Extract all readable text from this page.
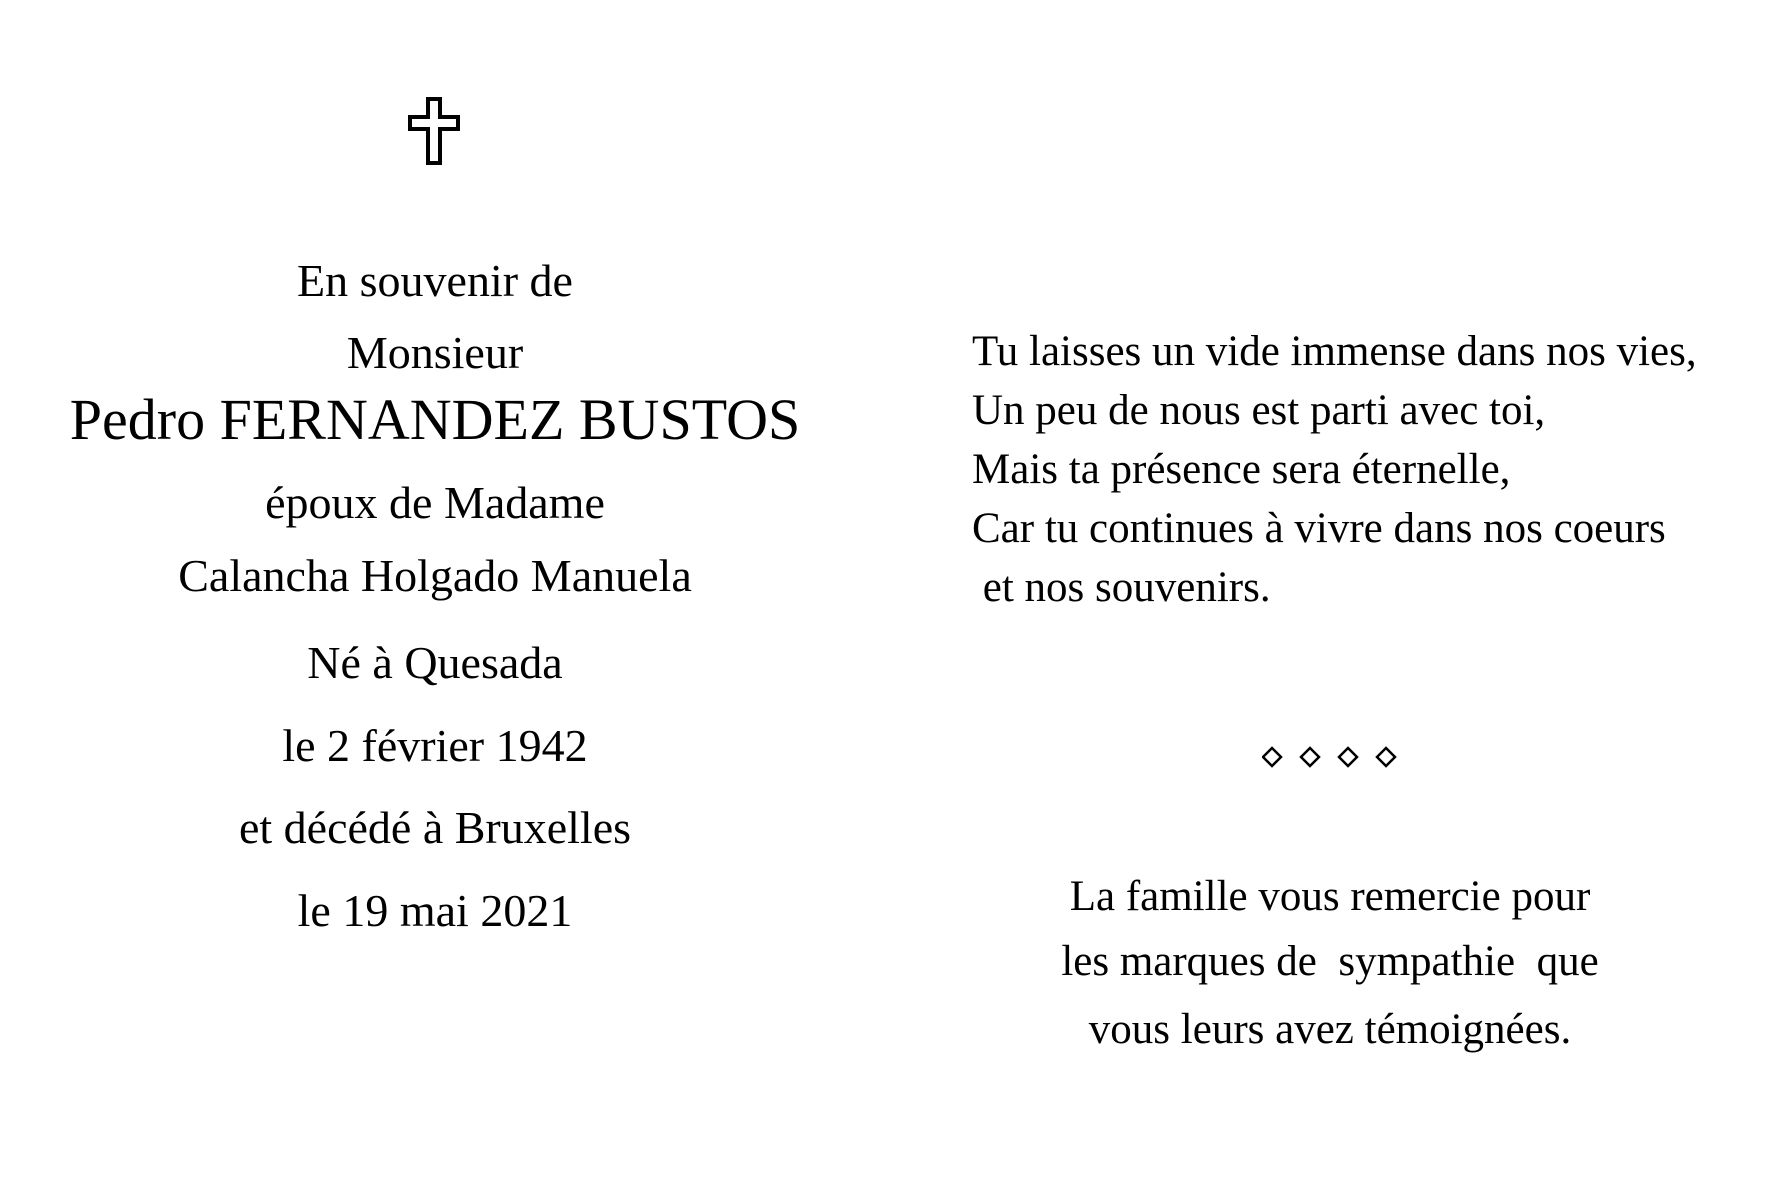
En souvenir de
Monsieur
Pedro FERNANDEZ BUSTOS
époux de Madame
Calancha Holgado Manuela
Né à Quesada
le 2 février 1942
et décédé à Bruxelles
le 19 mai 2021
Tu laisses un vide immense dans nos vies,
Un peu de nous est parti avec toi,
Mais ta présence sera éternelle,
Car tu continues à vivre dans nos coeurs
et nos souvenirs.
La famille vous remercie pour
les marques de  sympathie  que
vous leurs avez témoignées.
